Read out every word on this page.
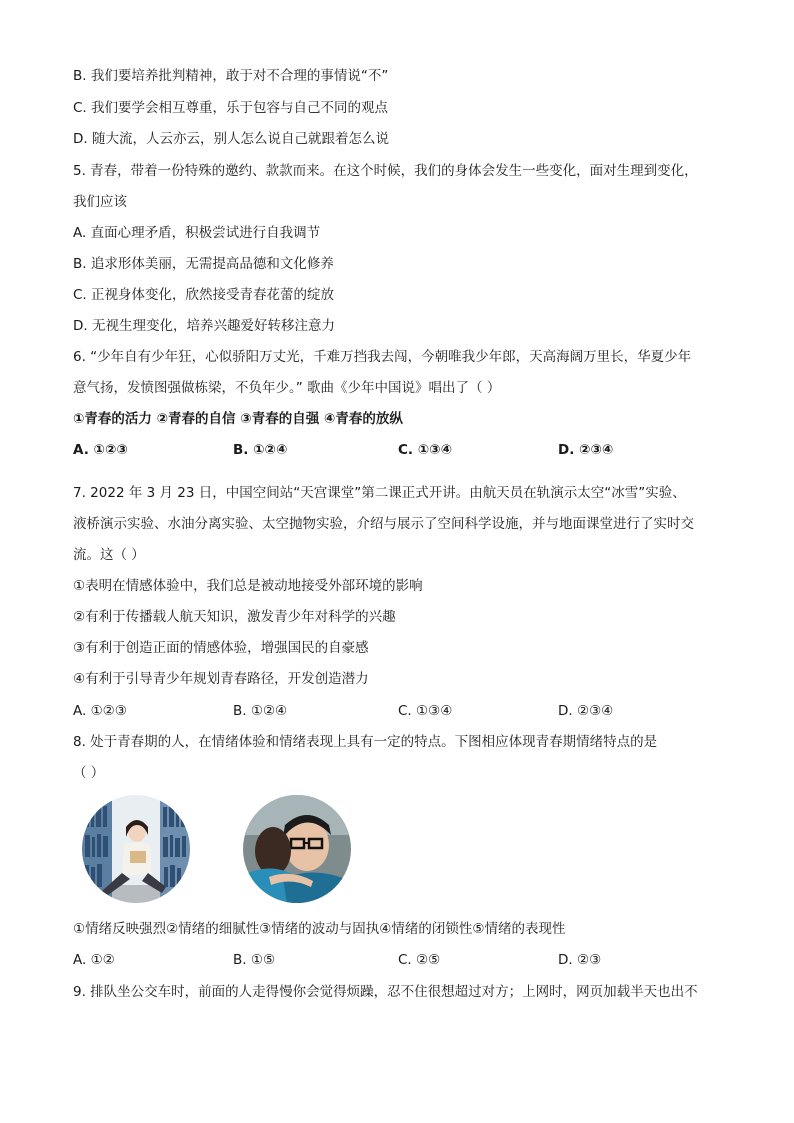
B. 我们要培养批判精神，敢于对不合理的事情说“不”
C. 我们要学会相互尊重，乐于包容与自己不同的观点
D. 随大流，人云亦云，别人怎么说自己就跟着怎么说
5. 青春，带着一份特殊的邀约、款款而来。在这个时候，我们的身体会发生一些变化，面对生理到变化，
我们应该
A. 直面心理矛盾，积极尝试进行自我调节
B. 追求形体美丽，无需提高品德和文化修养
C. 正视身体变化，欣然接受青春花蕾的绽放
D. 无视生理变化，培养兴趣爱好转移注意力
6. “少年自有少年狂，心似骄阳万丈光，千难万挡我去闯，今朝唯我少年郎，天高海阔万里长，华夏少年
意气扬，发愤图强做栋梁，不负年少。” 歌曲《少年中国说》唱出了（ ）
①青春的活力 ②青春的自信 ③青春的自强 ④青春的放纵
A. ①②③	B. ①②④	C. ①③④	D. ②③④
7. 2022 年 3 月 23 日，中国空间站“天宫课堂”第二课正式开讲。由航天员在轨演示太空“冰雪”实验、
液桥演示实验、水油分离实验、太空抛物实验，介绍与展示了空间科学设施，并与地面课堂进行了实时交
流。这（ ）
①表明在情感体验中，我们总是被动地接受外部环境的影响
②有利于传播载人航天知识，激发青少年对科学的兴趣
③有利于创造正面的情感体验，增强国民的自豪感
④有利于引导青少年规划青春路径，开发创造潜力
A. ①②③	B. ①②④	C. ①③④	D. ②③④
8. 处于青春期的人，在情绪体验和情绪表现上具有一定的特点。下图相应体现青春期情绪特点的是
（ ）
①情绪反映强烈②情绪的细腻性③情绪的波动与固执④情绪的闭锁性⑤情绪的表现性
A. ①②	B. ①⑤	C. ②⑤	D. ②③
9. 排队坐公交车时，前面的人走得慢你会觉得烦躁，忍不住很想超过对方；上网时，网页加载半天也出不
